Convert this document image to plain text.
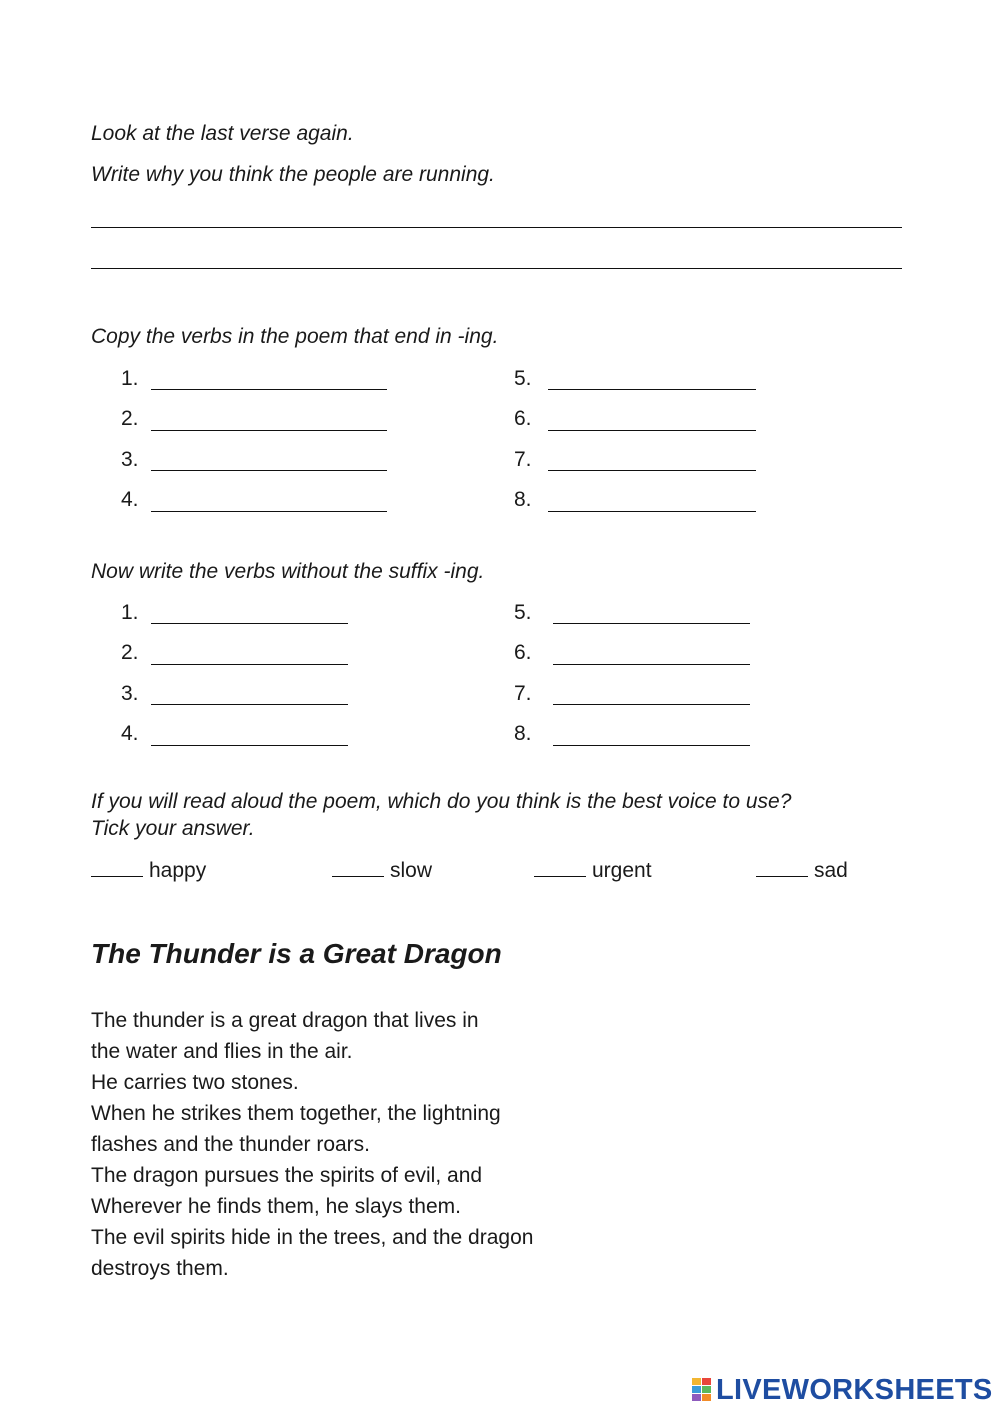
Look at the last verse again.
Write why you think the people are running.
Copy the verbs in the poem that end in -ing.
1.
2.
3.
4.
5.
6.
7.
8.
Now write the verbs without the suffix -ing.
1.
2.
3.
4.
5.
6.
7.
8.
If you will read aloud the poem, which do you think is the best voice to use?
Tick your answer.
happy	slow	urgent	sad
The Thunder is a Great Dragon
The thunder is a great dragon that lives in
the water and flies in the air.
He carries two stones.
When he strikes them together, the lightning
flashes and the thunder roars.
The dragon pursues the spirits of evil, and
Wherever he finds them, he slays them.
The evil spirits hide in the trees, and the dragon
destroys them.
LIVEWORKSHEETS
